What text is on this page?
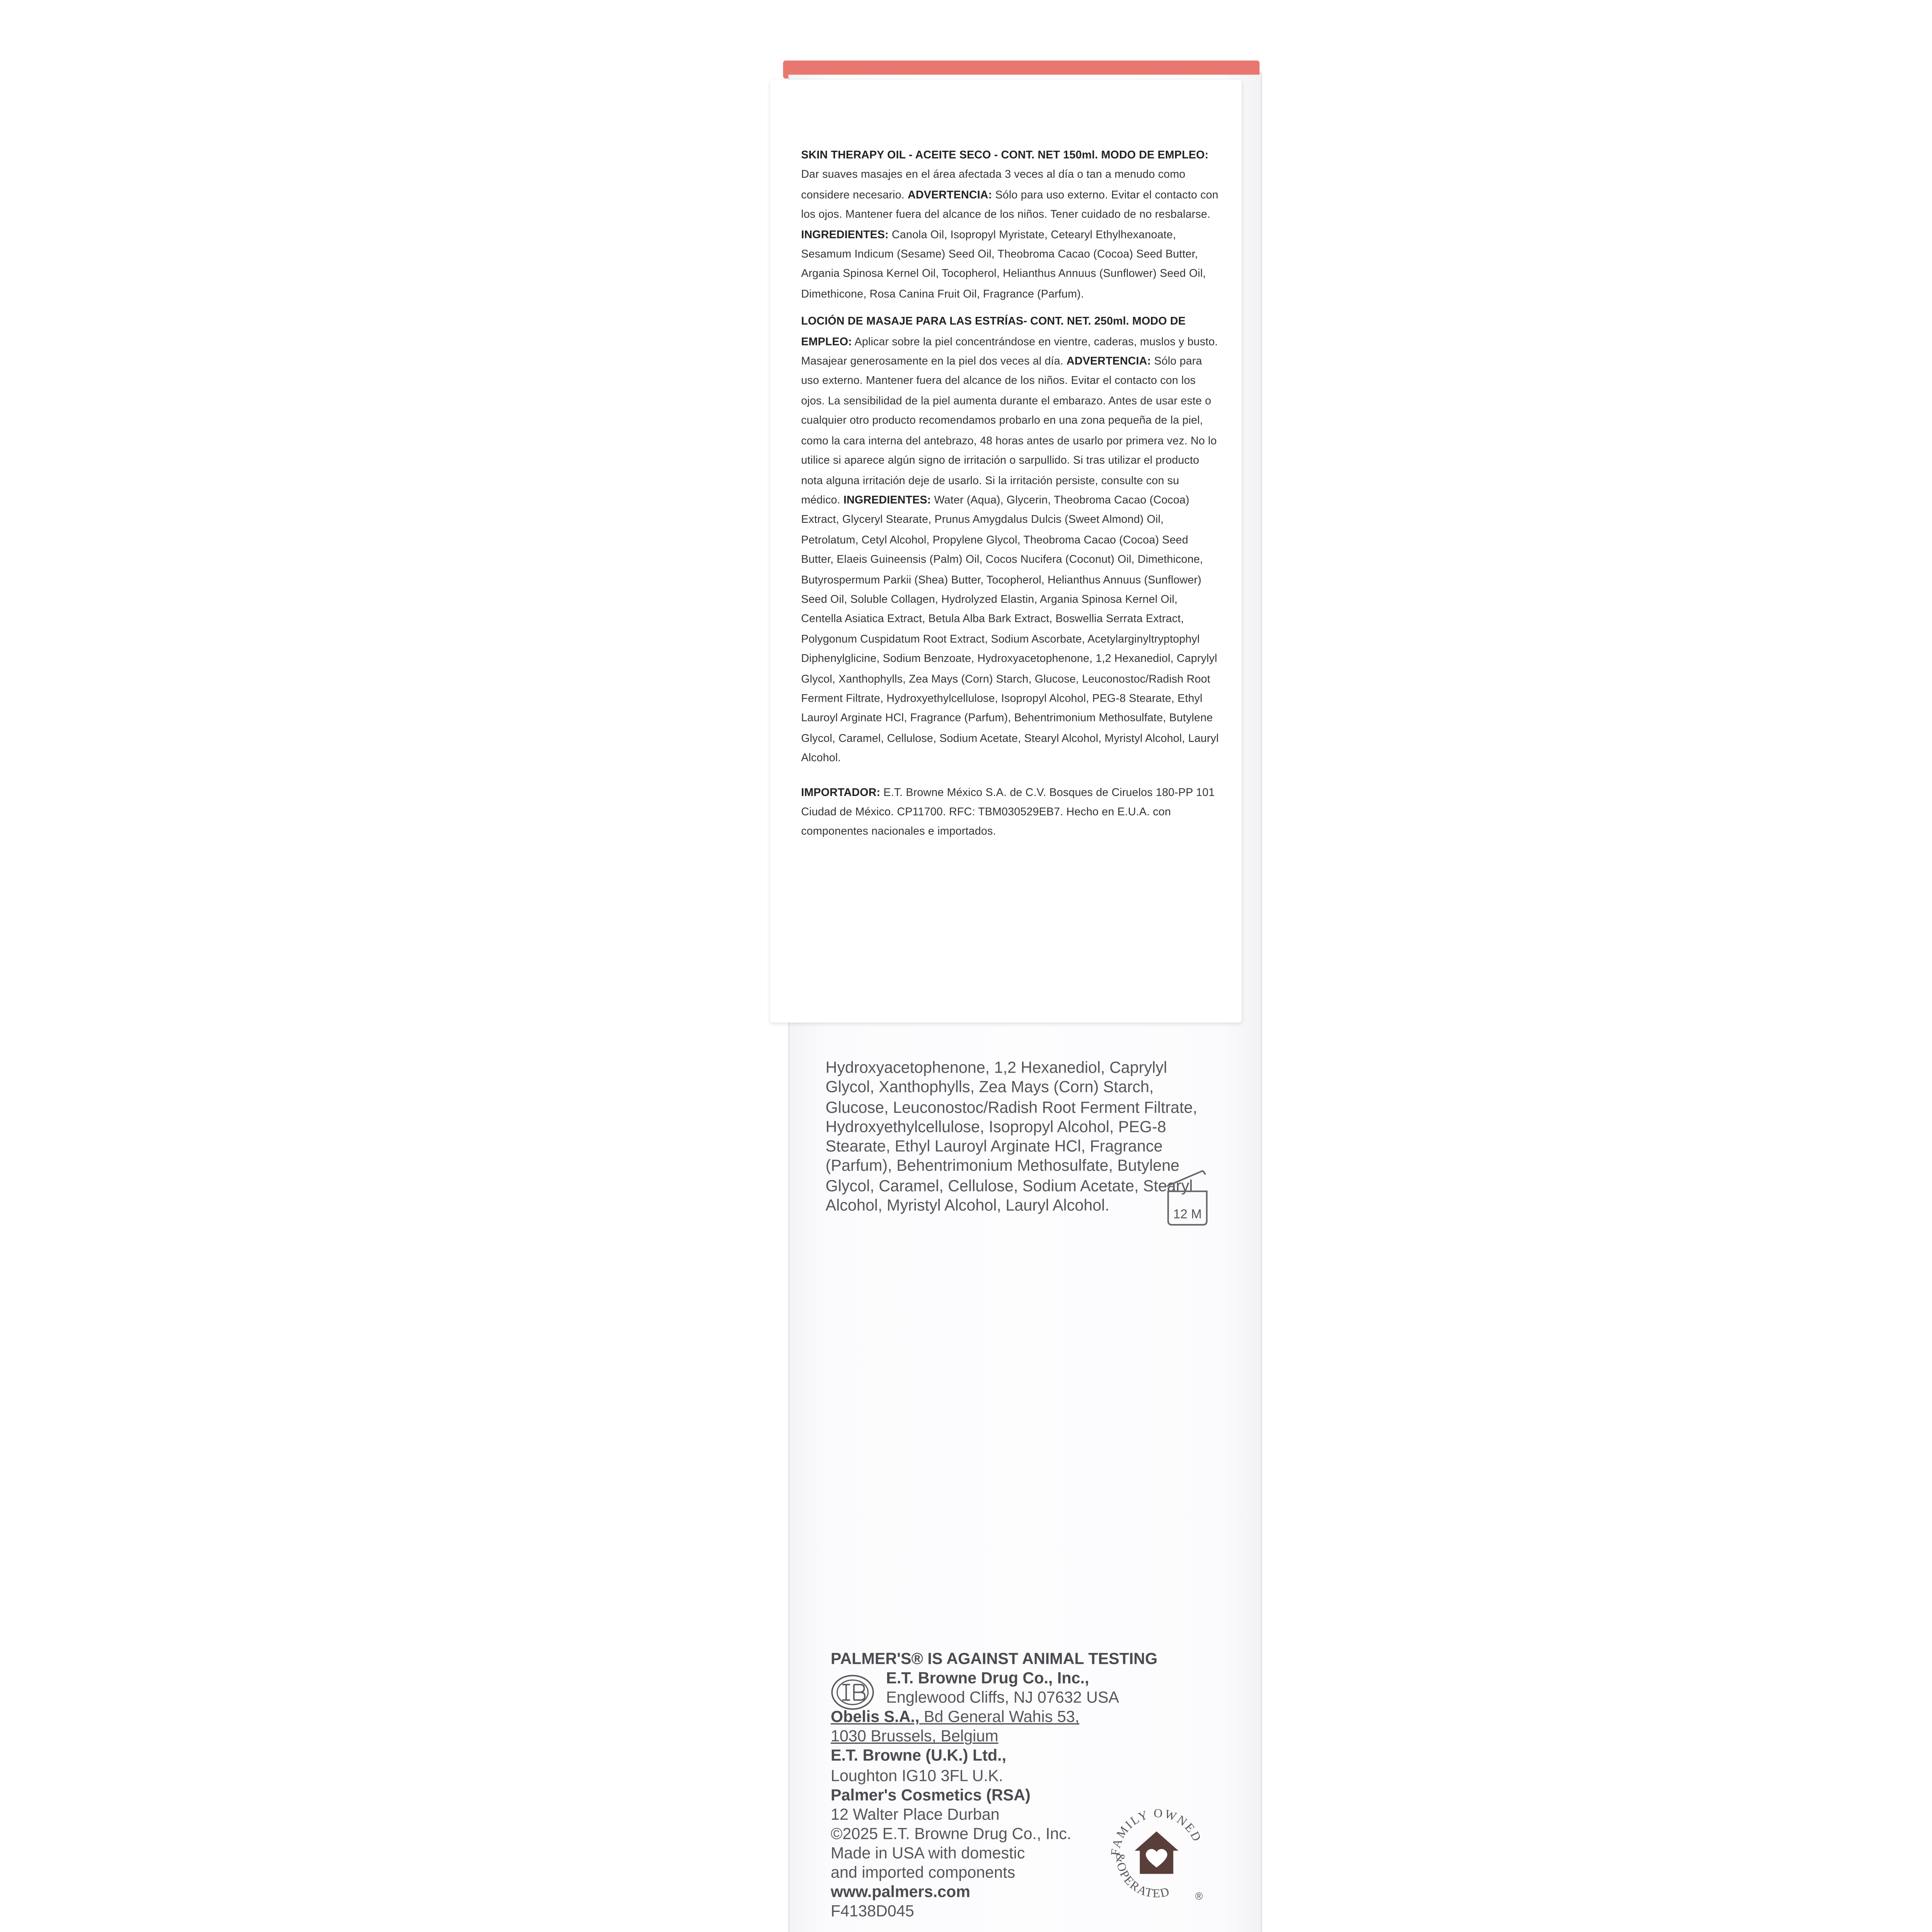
SKIN THERAPY OIL - ACEITE SECO - CONT. NET 150ml. MODO DE EMPLEO: Dar suaves masajes en el área afectada 3 veces al día o tan a menudo como considere necesario. ADVERTENCIA: Sólo para uso externo. Evitar el contacto con los ojos. Mantener fuera del alcance de los niños. Tener cuidado de no resbalarse. INGREDIENTES: Canola Oil, Isopropyl Myristate, Cetearyl Ethylhexanoate, Sesamum Indicum (Sesame) Seed Oil, Theobroma Cacao (Cocoa) Seed Butter, Argania Spinosa Kernel Oil, Tocopherol, Helianthus Annuus (Sunflower) Seed Oil, Dimethicone, Rosa Canina Fruit Oil, Fragrance (Parfum).

LOCIÓN DE MASAJE PARA LAS ESTRÍAS- CONT. NET. 250ml. MODO DE EMPLEO: Aplicar sobre la piel concentrándose en vientre, caderas, muslos y busto. Masajear generosamente en la piel dos veces al día. ADVERTENCIA: Sólo para uso externo. Mantener fuera del alcance de los niños. Evitar el contacto con los ojos. La sensibilidad de la piel aumenta durante el embarazo. Antes de usar este o cualquier otro producto recomendamos probarlo en una zona pequeña de la piel, como la cara interna del antebrazo, 48 horas antes de usarlo por primera vez. No lo utilice si aparece algún signo de irritación o sarpullido. Si tras utilizar el producto nota alguna irritación deje de usarlo. Si la irritación persiste, consulte con su médico. INGREDIENTES: Water (Aqua), Glycerin, Theobroma Cacao (Cocoa) Extract, Glyceryl Stearate, Prunus Amygdalus Dulcis (Sweet Almond) Oil, Petrolatum, Cetyl Alcohol, Propylene Glycol, Theobroma Cacao (Cocoa) Seed Butter, Elaeis Guineensis (Palm) Oil, Cocos Nucifera (Coconut) Oil, Dimethicone, Butyrospermum Parkii (Shea) Butter, Tocopherol, Helianthus Annuus (Sunflower) Seed Oil, Soluble Collagen, Hydrolyzed Elastin, Argania Spinosa Kernel Oil, Centella Asiatica Extract, Betula Alba Bark Extract, Boswellia Serrata Extract, Polygonum Cuspidatum Root Extract, Sodium Ascorbate, Acetylarginyltryptophyl Diphenylglicine, Sodium Benzoate, Hydroxyacetophenone, 1,2 Hexanediol, Caprylyl Glycol, Xanthophylls, Zea Mays (Corn) Starch, Glucose, Leuconostoc/Radish Root Ferment Filtrate, Hydroxyethylcellulose, Isopropyl Alcohol, PEG-8 Stearate, Ethyl Lauroyl Arginate HCl, Fragrance (Parfum), Behentrimonium Methosulfate, Butylene Glycol, Caramel, Cellulose, Sodium Acetate, Stearyl Alcohol, Myristyl Alcohol, Lauryl Alcohol.

IMPORTADOR: E.T. Browne México S.A. de C.V. Bosques de Ciruelos 180-PP 101 Ciudad de México. CP11700. RFC: TBM030529EB7. Hecho en E.U.A. con componentes nacionales e importados.

Hydroxyacetophenone, 1,2 Hexanediol, Caprylyl Glycol, Xanthophylls, Zea Mays (Corn) Starch, Glucose, Leuconostoc/Radish Root Ferment Filtrate, Hydroxyethylcellulose, Isopropyl Alcohol, PEG-8 Stearate, Ethyl Lauroyl Arginate HCl, Fragrance (Parfum), Behentrimonium Methosulfate, Butylene Glycol, Caramel, Cellulose, Sodium Acetate, Stearyl Alcohol, Myristyl Alcohol, Lauryl Alcohol.	12 M
PALMER'S® IS AGAINST ANIMAL TESTING
E.T. Browne Drug Co., Inc.,
Englewood Cliffs, NJ 07632 USA
Obelis S.A., Bd General Wahis 53,
1030 Brussels, Belgium
E.T. Browne (U.K.) Ltd.,
Loughton IG10 3FL U.K.
Palmer's Cosmetics (RSA)
12 Walter Place Durban
©2025 E.T. Browne Drug Co., Inc.
Made in USA with domestic
and imported components
www.palmers.com
F4138D045
FAMILY OWNED
&OPERATED	®
